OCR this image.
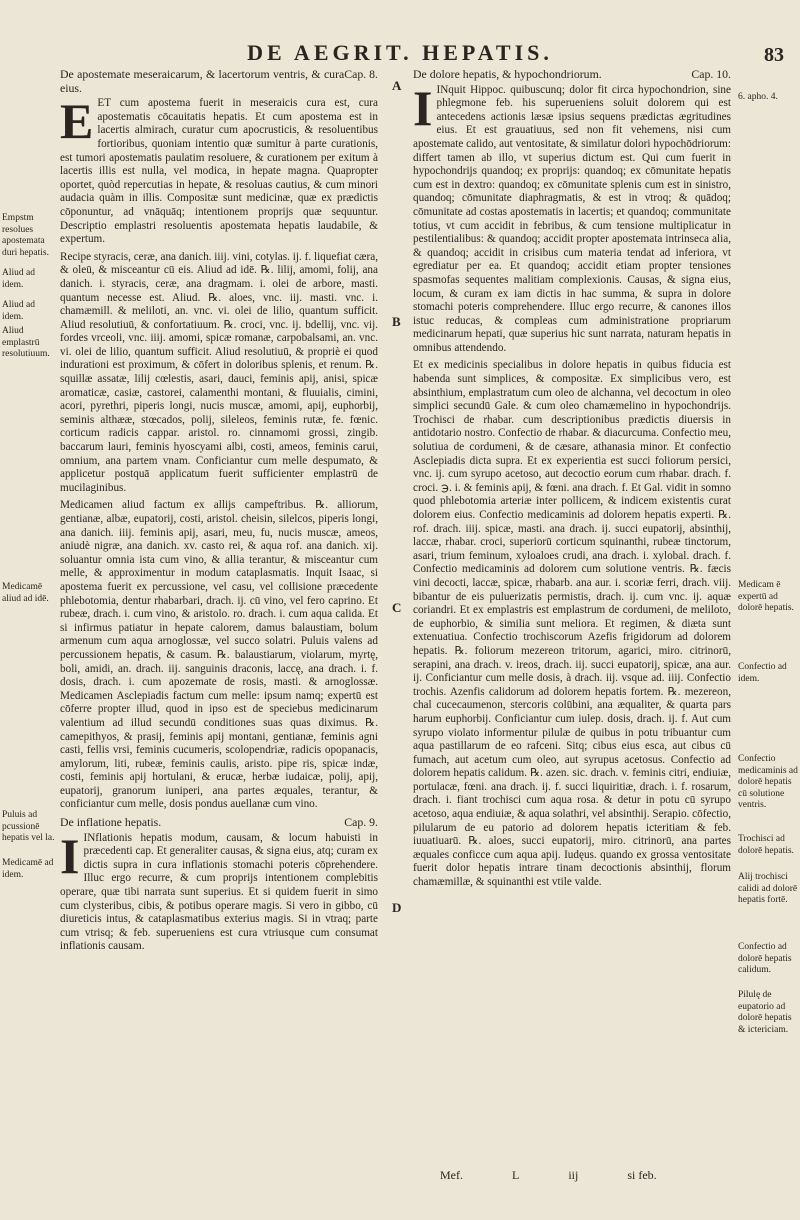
DE AEGRIT. HEPATIS.	83
A
B
C
D
Empstm resolues apostemata duri hepatis.
Aliud ad idem.
Aliud ad idem.
Aliud emplastrū resolutiuum.
Medicamē aliud ad idē.
Puluis ad pcussionē hepatis vel la.
Medicamē ad idem.
6. apho. 4.
Medicam ē expertū ad dolorē hepatis.
Confectio ad idem.
Confectio medicaminis ad dolorē hepatis cū solutione ventris.
Trochisci ad dolorē hepatis.
Alij trochisci calidi ad dolorē hepatis fortē.
Confectio ad dolorē hepatis calidum.
Pilulę de eupatorio ad dolorē hepatis & ictericiam.
Cap. 8.
De apostemate meseraicarum, & lacertorum ventris, & cura eius.

EET cum apostema fuerit in meseraicis cura est, cura apostematis cōcauitatis hepatis. Et cum apostema est in lacertis almirach, curatur cum apocrusticis, & resoluentibus fortioribus, quoniam intentio quæ sumitur à parte curationis, est tumori apostematis paulatim resoluere, & curationem per exitum à lacertis illis est nulla, vel modica, in hepate magna. Quapropter oportet, quòd repercutias in hepate, & resoluas cautius, & cum minori audacia quàm in illis. Compositæ sunt medicinæ, quæ ex prædictis cōponuntur, ad vnāquāq; intentionem proprijs quæ sequuntur. Descriptio emplastri resoluentis apostemata hepatis laudabile, & expertum.

Recipe styracis, ceræ, ana danich. iiij. vini, cotylas. ij. f. liquefiat cæra, & oleū, & misceantur cū eis. Aliud ad idē. ℞. lilij, amomi, folij, ana danich. i. styracis, ceræ, ana dragmam. i. olei de arbore, masti. quantum necesse est. Aliud. ℞. aloes, vnc. iij. masti. vnc. i. chamæmill. & meliloti, an. vnc. vi. olei de lilio, quantum sufficit. Aliud resolutiuū, & confortatiuum. ℞. croci, vnc. ij. bdellij, vnc. vij. fordes vrceoli, vnc. iiij. amomi, spicæ romanæ, carpobalsami, an. vnc. vi. olei de lilio, quantum sufficit. Aliud resolutiuū, & propriè ei quod indurationi est proximum, & cōfert in doloribus splenis, et renum. ℞. squillæ assatæ, lilij cœlestis, asari, dauci, feminis apij, anisi, spicæ aromaticæ, casiæ, castorei, calamenthi montani, & fluuialis, cimini, acori, pyrethri, piperis longi, nucis muscæ, amomi, apij, euphorbij, seminis althææ, stœcados, polij, sileleos, feminis rutæ, fe. fœnic. corticum radicis cappar. aristol. ro. cinnamomi grossi, zingib. baccarum lauri, feminis hyoscyami albi, costi, ameos, feminis carui, omnium, ana partem vnam. Conficiantur cum melle despumato, & applicetur postquā applicatum fuerit sufficienter emplastrū de mucilaginibus.

Medicamen aliud factum ex allijs campeftribus. ℞. alliorum, gentianæ, albæ, eupatorij, costi, aristol. cheisin, silelcos, piperis longi, ana danich. iiij. feminis apij, asari, meu, fu, nucis muscæ, ameos, aniudè nigræ, ana danich. xv. casto rei, & aqua rof. ana danich. xij. soluantur omnia ista cum vino, & allia terantur, & misceantur cum melle, & approximentur in modum cataplasmatis. Inquit Isaac, si apostema fuerit ex percussione, vel casu, vel collisione præcedente phlebotomia, dentur rhabarbari, drach. ij. cū vino, vel fero caprino. Et rubeæ, drach. i. cum vino, & aristolo. ro. drach. i. cum aqua calida. Et si infirmus patiatur in hepate calorem, damus balaustiam, bolum armenum cum aqua arnoglossæ, vel succo solatri. Puluis valens ad percussionem hepatis, & casum. ℞. balaustiarum, violarum, myrtę, boli, amidi, an. drach. iij. sanguinis draconis, laccę, ana drach. i. f. dosis, drach. i. cum apozemate de rosis, masti. & arnoglossæ. Medicamen Asclepiadis factum cum melle: ipsum namq; expertū est cōferre propter illud, quod in ipso est de speciebus medicinarum valentium ad illud secundū conditiones suas quas diximus. ℞. camepithyos, & prasij, feminis apij montani, gentianæ, feminis agni casti, fellis vrsi, feminis cucumeris, scolopendriæ, radicis opopanacis, amylorum, liti, rubeæ, feminis caulis, aristo. pipe ris, spicæ indæ, costi, feminis apij hortulani, & erucæ, herbæ iudaicæ, polij, apij, eupatorij, granorum iuniperi, ana partes æquales, terantur, & conficiantur cum melle, dosis pondus auellanæ cum vino.

Cap. 9.
De inflatione hepatis.

I INflationis hepatis modum, causam, & locum habuisti in præcedenti cap. Et generaliter causas, & signa eius, atq; curam ex dictis supra in cura inflationis stomachi poteris cōprehendere. Illuc ergo recurre, & cum proprijs intentionem complebitis operare, quæ tibi narrata sunt superius. Et si quidem fuerit in simo cum clysteribus, cibis, & potibus operare magis. Si vero in gibbo, cū diureticis intus, & cataplasmatibus exterius magis. Si in vtraq; parte cum vtrisq; & feb. superueniens est cura vtriusque cum consumat inflationis causam.

Cap. 10.
De dolore hepatis, & hypochondriorum.

I INquit Hippoc. quibuscunq; dolor fit circa hypochondrion, sine phlegmone feb. his superueniens soluit dolorem qui est antecedens actionis læsæ ipsius sequens prædictas ægritudines eius. Et est grauatiuus, sed non fit vehemens, nisi cum apostemate calido, aut ventositate, & similatur dolori hypochōdriorum: differt tamen ab illo, vt superius dictum est. Qui cum fuerit in hypochondrijs quandoq; ex proprijs: quandoq; ex cōmunitate hepatis cum est in dextro: quandoq; ex cōmunitate splenis cum est in sinistro, quandoq; cōmunitate diaphragmatis, & est in vtroq; & quādoq; cōmunitate ad costas apostematis in lacertis; et quandoq; communitate totius, vt cum accidit in febribus, & cum tensione multiplicatur in pestilentialibus: & quandoq; accidit propter apostemata intrinseca alia, & quandoq; accidit in crisibus cum materia tendat ad inferiora, vt egrediatur per ea. Et quandoq; accidit etiam propter tensiones spasmofas sequentes malitiam complexionis. Causas, & signa eius, locum, & curam ex iam dictis in hac summa, & supra in dolore stomachi poteris comprehendere. Illuc ergo recurre, & canones illos istuc reducas, & compleas cum administratione propriarum medicinarum hepati, quæ superius hic sunt narrata, naturam hepatis in omnibus attendendo.

Et ex medicinis specialibus in dolore hepatis in quibus fiducia est habenda sunt simplices, & compositæ. Ex simplicibus vero, est absinthium, emplastratum cum oleo de alchanna, vel decoctum in oleo simplici secundū Gale. & cum oleo chamæmelino in hypochondrijs. Trochisci de rhabar. cum descriptionibus prædictis diuersis in antidotario nostro. Confectio de rhabar. & diacurcuma. Confectio meu, solutiua de cordumeni, & de cæsare, athanasia minor. Et confectio Asclepiadis dicta supra. Et ex experientia est succi foliorum persici, vnc. ij. cum syrupo acetoso, aut decoctio eorum cum rhabar. drach. f. croci. ℈. i. & feminis apij, & fœni. ana drach. f. Et Gal. vidit in somno quod phlebotomia arteriæ inter pollicem, & indicem existentis curat dolorem eius. Confectio medicaminis ad dolorem hepatis experti. ℞. rof. drach. iiij. spicæ, masti. ana drach. ij. succi eupatorij, absinthij, laccæ, rhabar. croci, superiorū corticum squinanthi, rubeæ tinctorum, asari, trium feminum, xyloaloes crudi, ana drach. i. xylobal. drach. f. Confectio medicaminis ad dolorem cum solutione ventris. ℞. fæcis vini decocti, laccæ, spicæ, rhabarb. ana aur. i. scoriæ ferri, drach. viij. bibantur de eis puluerizatis permistis, drach. ij. cum vnc. ij. aquæ coriandri. Et ex emplastris est emplastrum de cordumeni, de meliloto, de euphorbio, & similia sunt meliora. Et regimen, & diæta sunt extenuatiua. Confectio trochiscorum Azefis frigidorum ad dolorem hepatis. ℞. foliorum mezereon tritorum, agarici, miro. citrinorū, serapini, ana drach. v. ireos, drach. iij. succi eupatorij, spicæ, ana aur. ij. Conficiantur cum melle dosis, à drach. iij. vsque ad. iiij. Confectio trochis. Azenfis calidorum ad dolorem hepatis fortem. ℞. mezereon, chal cucecaumenon, stercoris colūbini, ana æqualiter, & quarta pars harum euphorbij. Conficiantur cum iulep. dosis, drach. ij. f. Aut cum syrupo violato informentur pilulæ de quibus in potu tribuantur cum aqua pastillarum de eo rafceni. Sitq; cibus eius esca, aut cibus cū fumach, aut acetum cum oleo, aut syrupus acetosus. Confectio ad dolorem hepatis calidum. ℞. azen. sic. drach. v. feminis citri, endiuiæ, portulacæ, fœni. ana drach. ij. f. succi liquiritiæ, drach. i. f. rosarum, drach. i. fiant trochisci cum aqua rosa. & detur in potu cū syrupo acetoso, aqua endiuiæ, & aqua solathri, vel absinthij. Serapio. cōfectio, pilularum de eu patorio ad dolorem hepatis icteritiam & feb. iuuatiuarū. ℞. aloes, succi eupatorij, miro. citrinorū, ana partes æquales conficce cum aqua apij. Iudęus. quando ex grossa ventositate fuerit dolor hepatis intrare tinam decoctionis absinthij, florum chamæmillæ, & squinanthi est vtile valde.

Mef.	L	iij	si feb.
